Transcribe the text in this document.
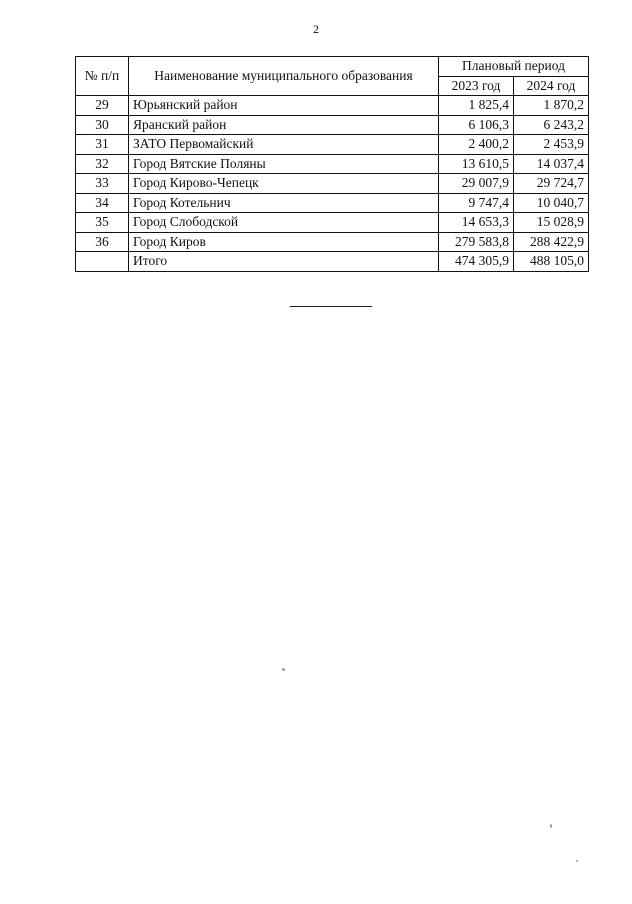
2
№ п/п	Наименование муниципального образования	Плановый период	
		2023 год	2024 год
29	Юрьянский район	1 825,4	1 870,2
30	Яранский район	6 106,3	6 243,2
31	ЗАТО Первомайский	2 400,2	2 453,9
32	Город Вятские Поляны	13 610,5	14 037,4
33	Город Кирово-Чепецк	29 007,9	29 724,7
34	Город Котельнич	9 747,4	10 040,7
35	Город Слободской	14 653,3	15 028,9
36	Город Киров	279 583,8	288 422,9
	Итого	474 305,9	488 105,0
